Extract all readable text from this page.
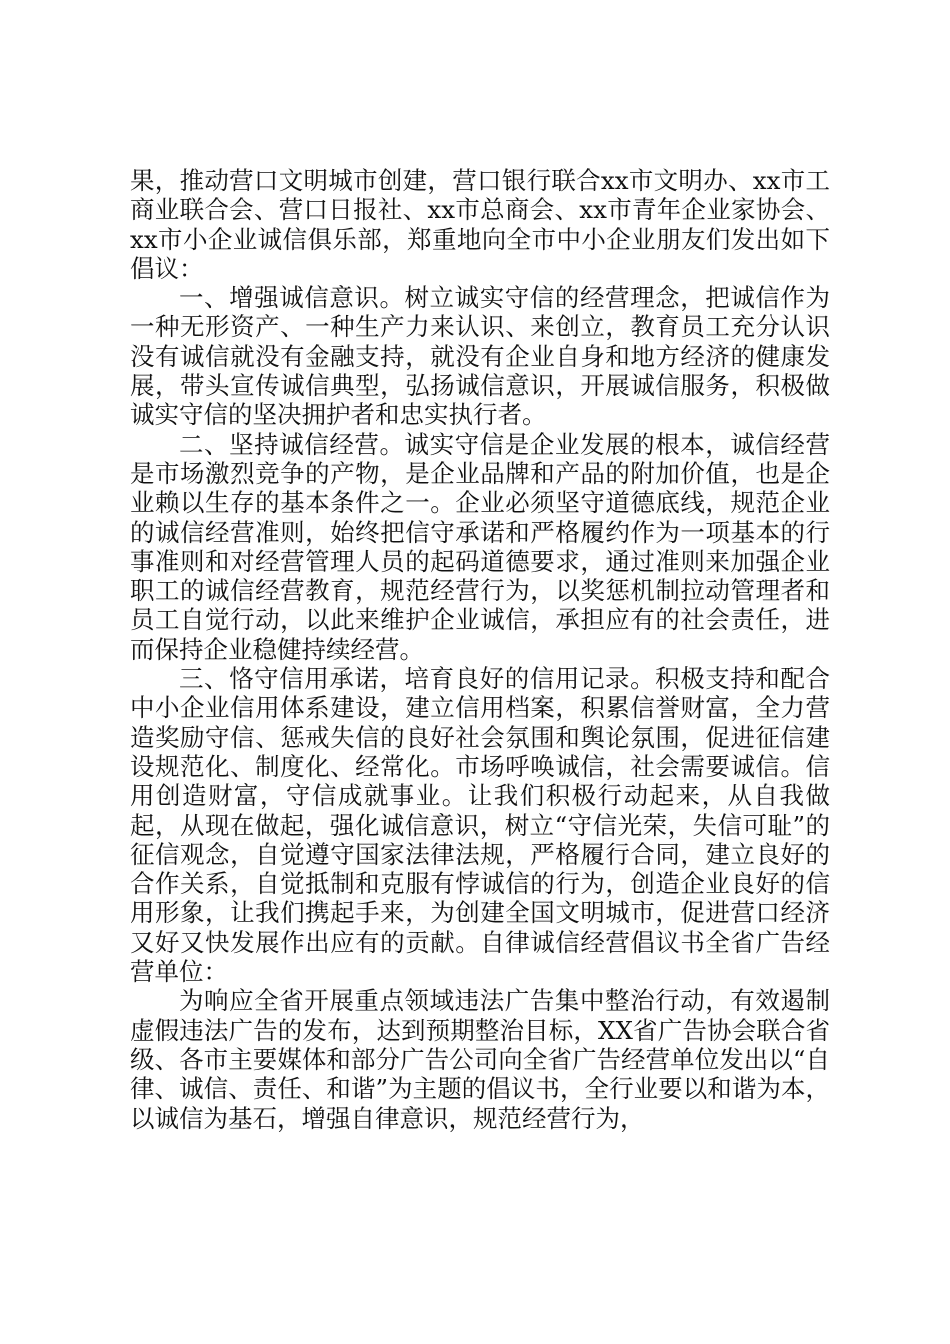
果，推动营口文明城市创建，营口银行联合xx市文明办、xx市工商业联合会、营口日报社、xx市总商会、xx市青年企业家协会、xx市小企业诚信俱乐部，郑重地向全市中小企业朋友们发出如下倡议：

一、增强诚信意识。树立诚实守信的经营理念，把诚信作为一种无形资产、一种生产力来认识、来创立，教育员工充分认识没有诚信就没有金融支持，就没有企业自身和地方经济的健康发展，带头宣传诚信典型，弘扬诚信意识，开展诚信服务，积极做诚实守信的坚决拥护者和忠实执行者。

二、坚持诚信经营。诚实守信是企业发展的根本，诚信经营是市场激烈竞争的产物，是企业品牌和产品的附加价值，也是企业赖以生存的基本条件之一。企业必须坚守道德底线，规范企业的诚信经营准则，始终把信守承诺和严格履约作为一项基本的行事准则和对经营管理人员的起码道德要求，通过准则来加强企业职工的诚信经营教育，规范经营行为，以奖惩机制拉动管理者和员工自觉行动，以此来维护企业诚信，承担应有的社会责任，进而保持企业稳健持续经营。

三、恪守信用承诺，培育良好的信用记录。积极支持和配合中小企业信用体系建设，建立信用档案，积累信誉财富，全力营造奖励守信、惩戒失信的良好社会氛围和舆论氛围，促进征信建设规范化、制度化、经常化。市场呼唤诚信，社会需要诚信。信用创造财富，守信成就事业。让我们积极行动起来，从自我做起，从现在做起，强化诚信意识，树立“守信光荣，失信可耻”的征信观念，自觉遵守国家法律法规，严格履行合同，建立良好的合作关系，自觉抵制和克服有悖诚信的行为，创造企业良好的信用形象，让我们携起手来，为创建全国文明城市，促进营口经济又好又快发展作出应有的贡献。自律诚信经营倡议书全省广告经营单位：

为响应全省开展重点领域违法广告集中整治行动，有效遏制虚假违法广告的发布，达到预期整治目标，XX省广告协会联合省级、各市主要媒体和部分广告公司向全省广告经营单位发出以“自律、诚信、责任、和谐”为主题的倡议书，全行业要以和谐为本，以诚信为基石，增强自律意识，规范经营行为，
